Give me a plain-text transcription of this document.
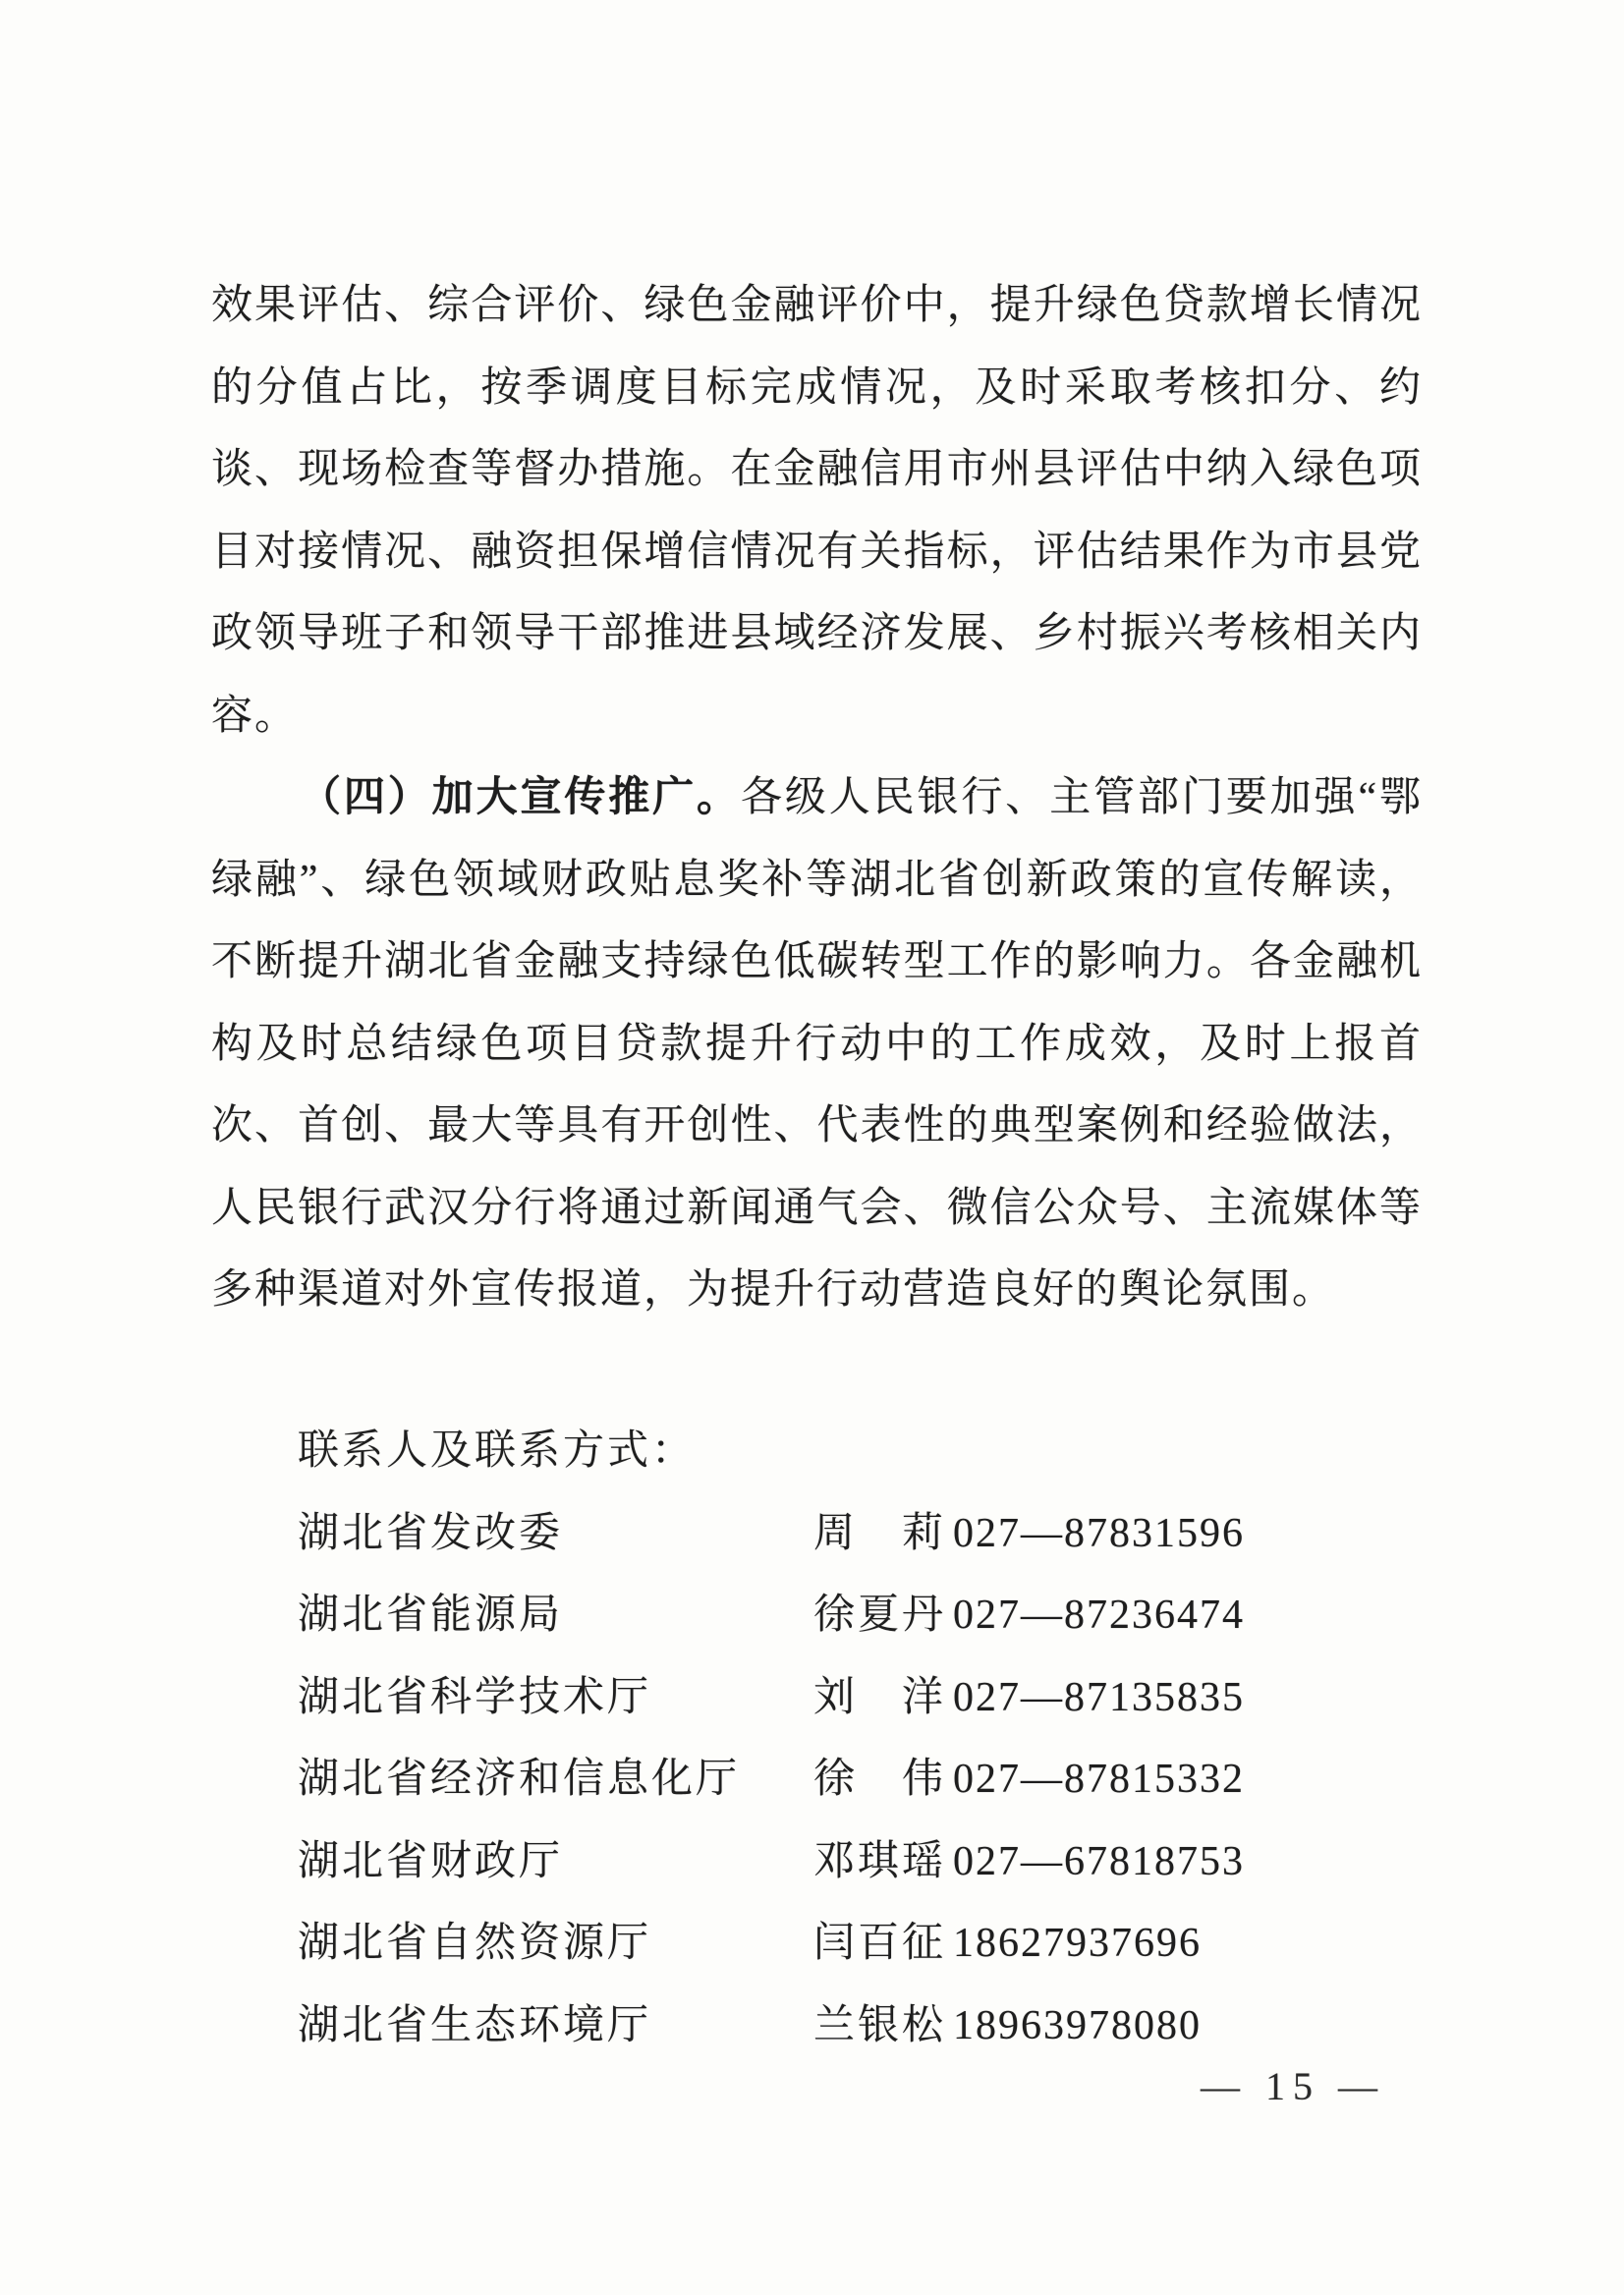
效果评估、综合评价、绿色金融评价中，提升绿色贷款增长情况的分值占比，按季调度目标完成情况，及时采取考核扣分、约谈、现场检查等督办措施。在金融信用市州县评估中纳入绿色项目对接情况、融资担保增信情况有关指标，评估结果作为市县党政领导班子和领导干部推进县域经济发展、乡村振兴考核相关内容。

（四）加大宣传推广。各级人民银行、主管部门要加强“鄂绿融”、绿色领域财政贴息奖补等湖北省创新政策的宣传解读，不断提升湖北省金融支持绿色低碳转型工作的影响力。各金融机构及时总结绿色项目贷款提升行动中的工作成效，及时上报首次、首创、最大等具有开创性、代表性的典型案例和经验做法，人民银行武汉分行将通过新闻通气会、微信公众号、主流媒体等多种渠道对外宣传报道，为提升行动营造良好的舆论氛围。

联系人及联系方式：
湖北省发改委	周　莉 027—87831596
湖北省能源局	徐夏丹 027—87236474
湖北省科学技术厅	刘　洋 027—87135835
湖北省经济和信息化厅	徐　伟 027—87815332
湖北省财政厅	邓琪瑶 027—67818753
湖北省自然资源厅	闫百征 18627937696
湖北省生态环境厅	兰银松 18963978080
— 15 —
